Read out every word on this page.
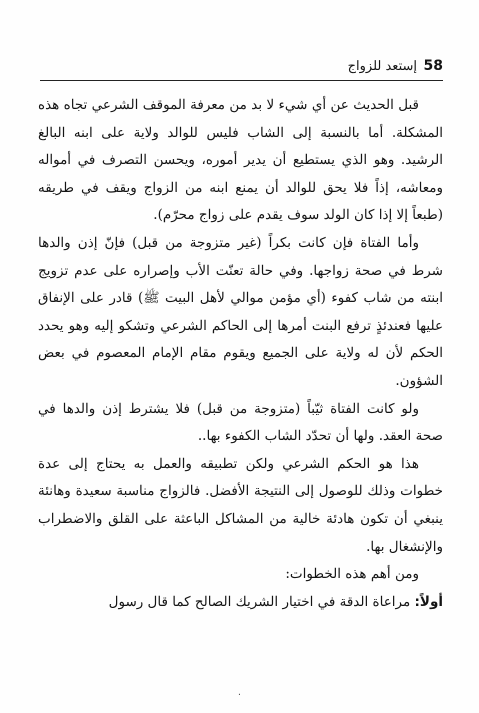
58
إستعد للزواج

قبل الحديث عن أي شيء لا بد من معرفة الموقف الشرعي تجاه هذه المشكلة. أما بالنسبة إلى الشاب فليس للوالد ولاية على ابنه البالغ الرشيد. وهو الذي يستطيع أن يدير أموره، ويحسن التصرف في أمواله ومعاشه، إذاً فلا يحق للوالد أن يمنع ابنه من الزواج ويقف في طريقه (طبعاً إلا إذا كان الولد سوف يقدم على زواج محرّم).

وأما الفتاة فإن كانت بكراً (غير متزوجة من قبل) فإنّ إذن والدها شرط في صحة زواجها. وفي حالة تعنّت الأب وإصراره على عدم تزويج ابنته من شاب كفوء (أي مؤمن موالي لأهل البيت ﷺ) قادر على الإنفاق عليها فعندئذٍ ترفع البنت أمرها إلى الحاكم الشرعي وتشكو إليه وهو يحدد الحكم لأن له ولاية على الجميع ويقوم مقام الإمام المعصوم في بعض الشؤون.

ولو كانت الفتاة ثيّباً (متزوجة من قبل) فلا يشترط إذن والدها في صحة العقد. ولها أن تحدّد الشاب الكفوء بها..

هذا هو الحكم الشرعي ولكن تطبيقه والعمل به يحتاج إلى عدة خطوات وذلك للوصول إلى النتيجة الأفضل. فالزواج مناسبة سعيدة وهانئة ينبغي أن تكون هادئة خالية من المشاكل الباعثة على القلق والاضطراب والإنشغال بها.

ومن أهم هذه الخطوات:

أولاً: مراعاة الدقة في اختيار الشريك الصالح كما قال رسول

·
